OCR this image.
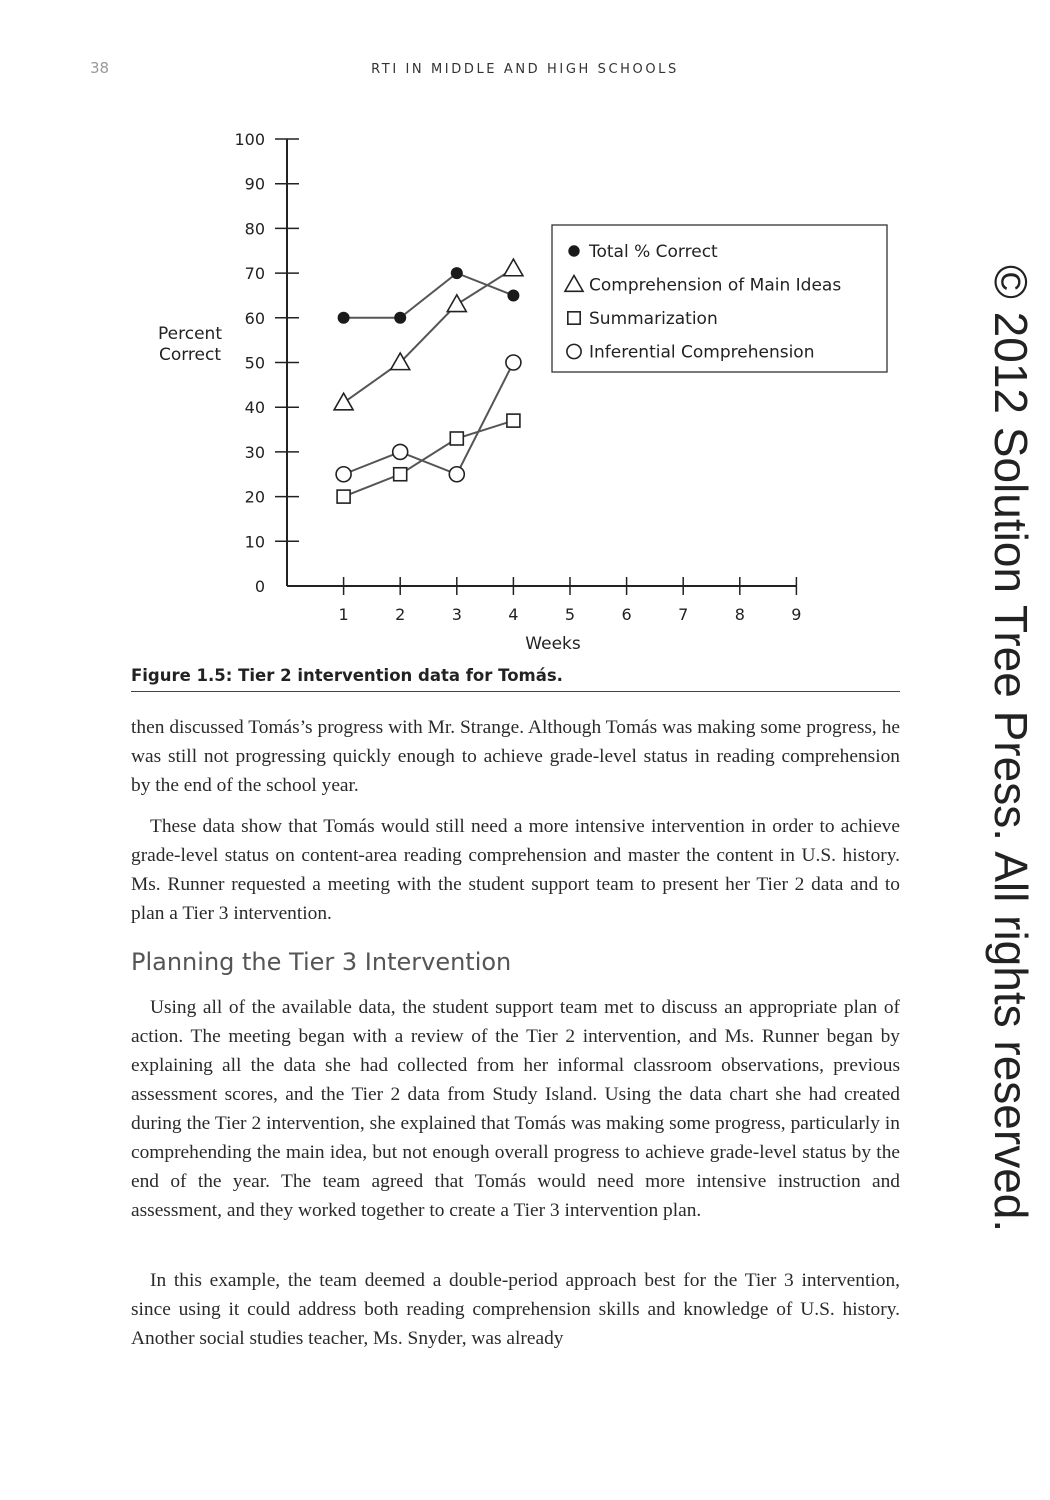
38	RTI IN MIDDLE AND HIGH SCHOOLS
0
10
20
30
40
50
60
70
80
90
100
1	2	3	4	5	6	7	8	9
Weeks
Percent
Correct
Total % Correct
Comprehension of Main Ideas
Summarization
Inferential Comprehension
Figure 1.5: Tier 2 intervention data for Tomás.

then discussed Tomás’s progress with Mr. Strange. Although Tomás was making some progress, he was still not progressing quickly enough to achieve grade-level status in reading comprehension by the end of the school year.

These data show that Tomás would still need a more intensive intervention in order to achieve grade-level status on content-area reading comprehension and master the content in U.S. history. Ms. Runner requested a meeting with the student support team to present her Tier 2 data and to plan a Tier 3 intervention.

Planning the Tier 3 Intervention

Using all of the available data, the student support team met to discuss an appropriate plan of action. The meeting began with a review of the Tier 2 intervention, and Ms. Runner began by explaining all the data she had collected from her informal classroom observations, previous assessment scores, and the Tier 2 data from Study Island. Using the data chart she had created during the Tier 2 intervention, she explained that Tomás was making some progress, particularly in comprehending the main idea, but not enough overall progress to achieve grade-level status by the end of the year. The team agreed that Tomás would need more intensive instruction and assessment, and they worked together to create a Tier 3 intervention plan.

In this example, the team deemed a double-period approach best for the Tier 3 intervention, since using it could address both reading comprehension skills and knowledge of U.S. history. Another social studies teacher, Ms. Snyder, was already

© 2012 Solution Tree Press. All rights reserved.
